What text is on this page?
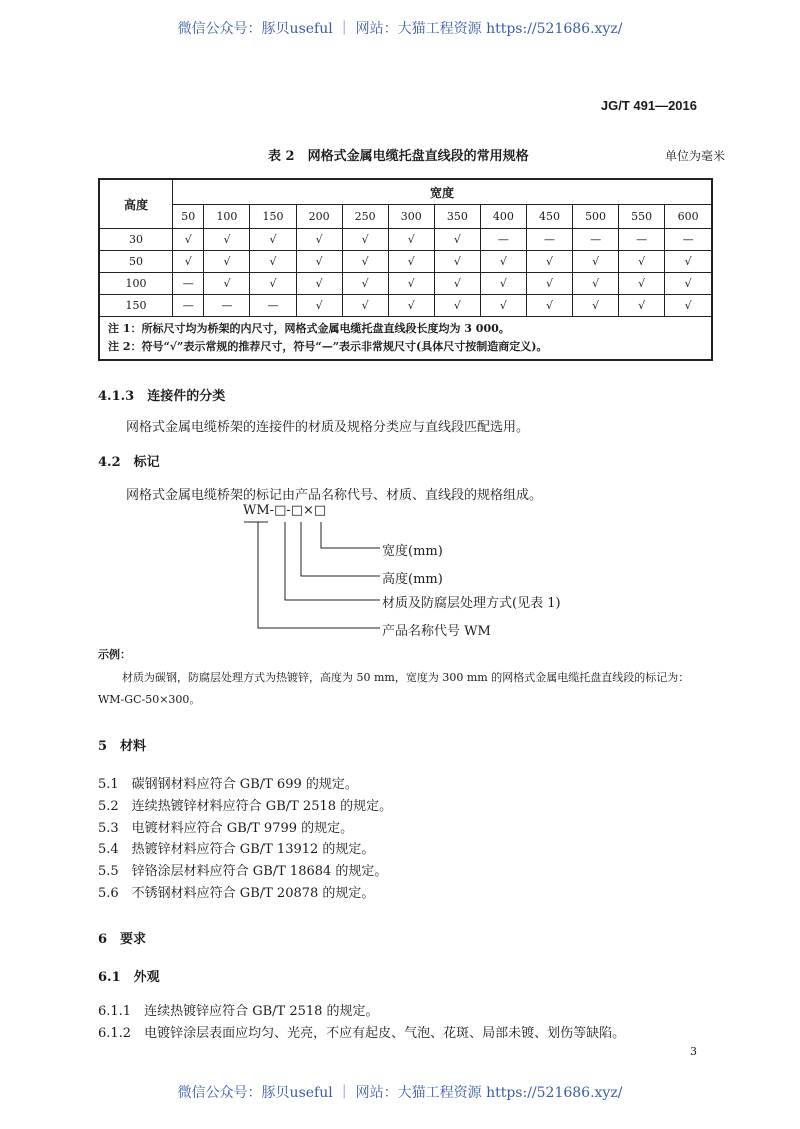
微信公众号：豚贝useful ｜ 网站：大猫工程资源 https://521686.xyz/
JG/T 491—2016
表 2　网格式金属电缆托盘直线段的常用规格	单位为毫米
高度	宽度											
	50	100	150	200	250	300	350	400	450	500	550	600
30	√	√	√	√	√	√	√	—	—	—	—	—
50	√	√	√	√	√	√	√	√	√	√	√	√
100	—	√	√	√	√	√	√	√	√	√	√	√
150	—	—	—	√	√	√	√	√	√	√	√	√

注 1：所标尺寸均为桥架的内尺寸，网格式金属电缆托盘直线段长度均为 3 000。
注 2：符号“√”表示常规的推荐尺寸，符号“—”表示非常规尺寸(具体尺寸按制造商定义)。												
4.1.3　连接件的分类
网格式金属电缆桥架的连接件的材质及规格分类应与直线段匹配选用。
4.2　标记
网格式金属电缆桥架的标记由产品名称代号、材质、直线段的规格组成。
WM-□-□×□
宽度(mm)
高度(mm)
材质及防腐层处理方式(见表 1)
产品名称代号 WM
示例：
材质为碳钢，防腐层处理方式为热镀锌，高度为 50 mm，宽度为 300 mm 的网格式金属电缆托盘直线段的标记为：
WM-GC-50×300。
5　材料
5.1　碳钢钢材料应符合 GB/T 699 的规定。
5.2　连续热镀锌材料应符合 GB/T 2518 的规定。
5.3　电镀材料应符合 GB/T 9799 的规定。
5.4　热镀锌材料应符合 GB/T 13912 的规定。
5.5　锌铬涂层材料应符合 GB/T 18684 的规定。
5.6　不锈钢材料应符合 GB/T 20878 的规定。
6　要求
6.1　外观
6.1.1　连续热镀锌应符合 GB/T 2518 的规定。
6.1.2　电镀锌涂层表面应均匀、光亮，不应有起皮、气泡、花斑、局部未镀、划伤等缺陷。
3
微信公众号：豚贝useful ｜ 网站：大猫工程资源 https://521686.xyz/
